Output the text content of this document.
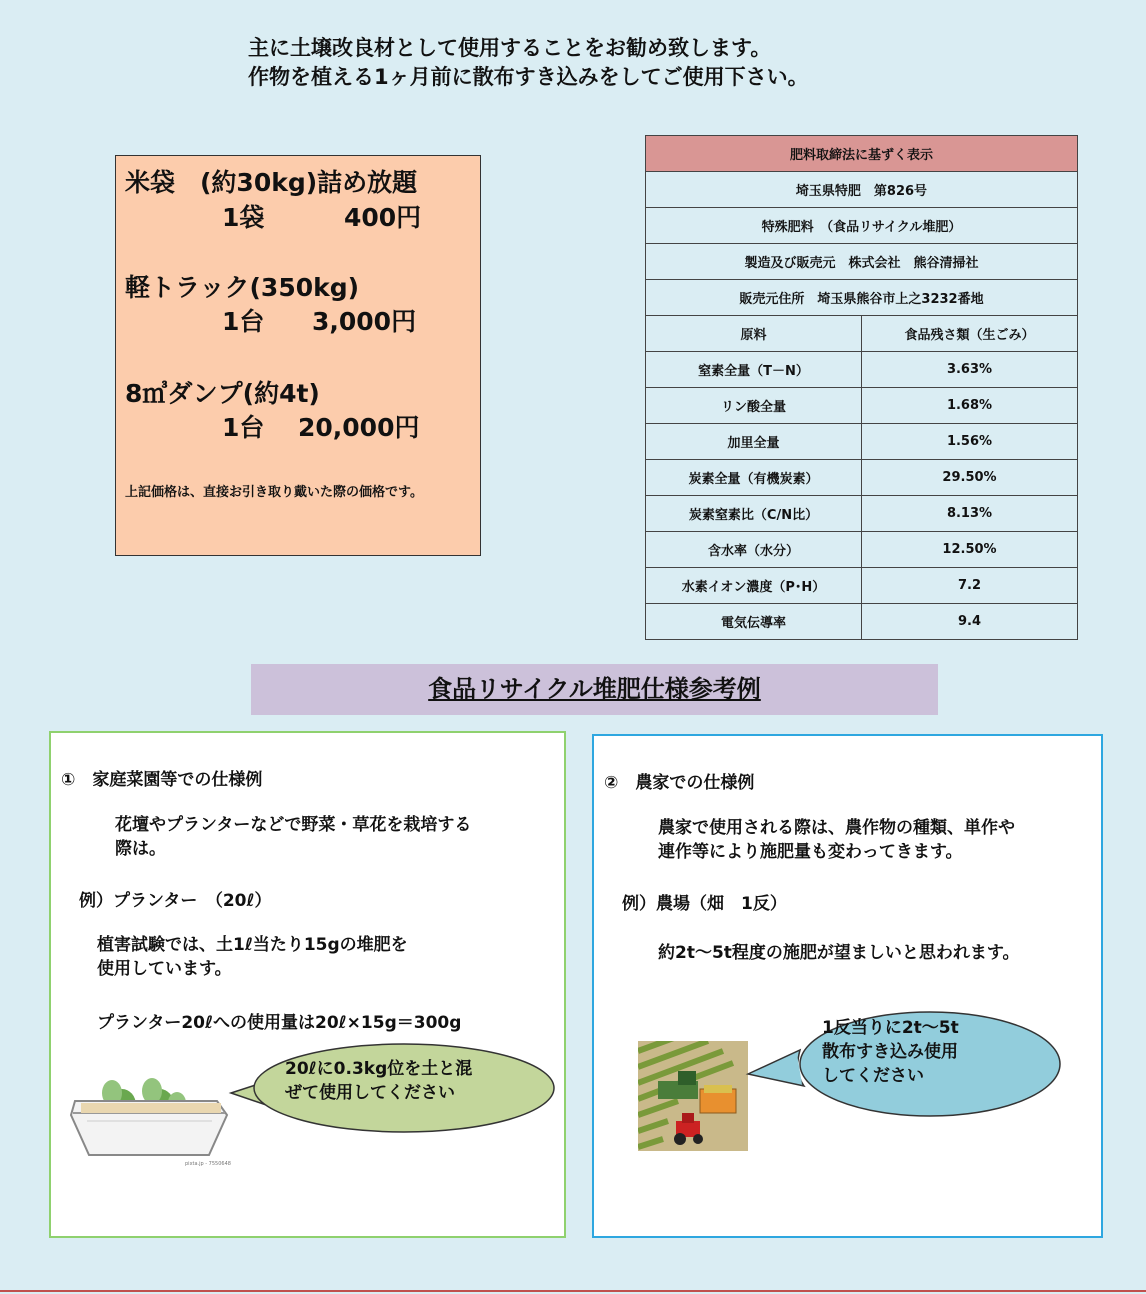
主に土壌改良材として使用することをお勧め致します。
作物を植える1ヶ月前に散布すき込みをしてご使用下さい。
米袋　(約30kg)詰め放題
1袋	400円
軽トラック(350kg)
1台 3,000円
8㎥ダンプ(約4t)
1台 20,000円
上記価格は、直接お引き取り戴いた際の価格です。
肥料取締法に基ずく表示	
埼玉県特肥　第826号	
特殊肥料　（食品リサイクル堆肥）	
製造及び販売元　株式会社　熊谷清掃社	
販売元住所　埼玉県熊谷市上之3232番地	
原料	食品残さ類（生ごみ）
窒素全量（T－N）	3.63%
リン酸全量	1.68%
加里全量	1.56%
炭素全量（有機炭素）	29.50%
炭素窒素比（C/N比）	8.13%
含水率（水分）	12.50%
水素イオン濃度（P･H）	7.2
電気伝導率	9.4
食品リサイクル堆肥仕様参考例
①　家庭菜園等での仕様例
花壇やプランターなどで野菜・草花を栽培する
際は。
例）プランター　（20ℓ）
植害試験では、土1ℓ当たり15gの堆肥を
使用しています。
プランター20ℓへの使用量は20ℓ×15g＝300g
pixta.jp - 7550648
20ℓに0.3kg位を土と混
ぜて使用してください
②　農家での仕様例
農家で使用される際は、農作物の種類、単作や
連作等により施肥量も変わってきます。
例）農場（畑　1反）
約2t～5t程度の施肥が望ましいと思われます。
1反当りに2t～5t
散布すき込み使用
してください
